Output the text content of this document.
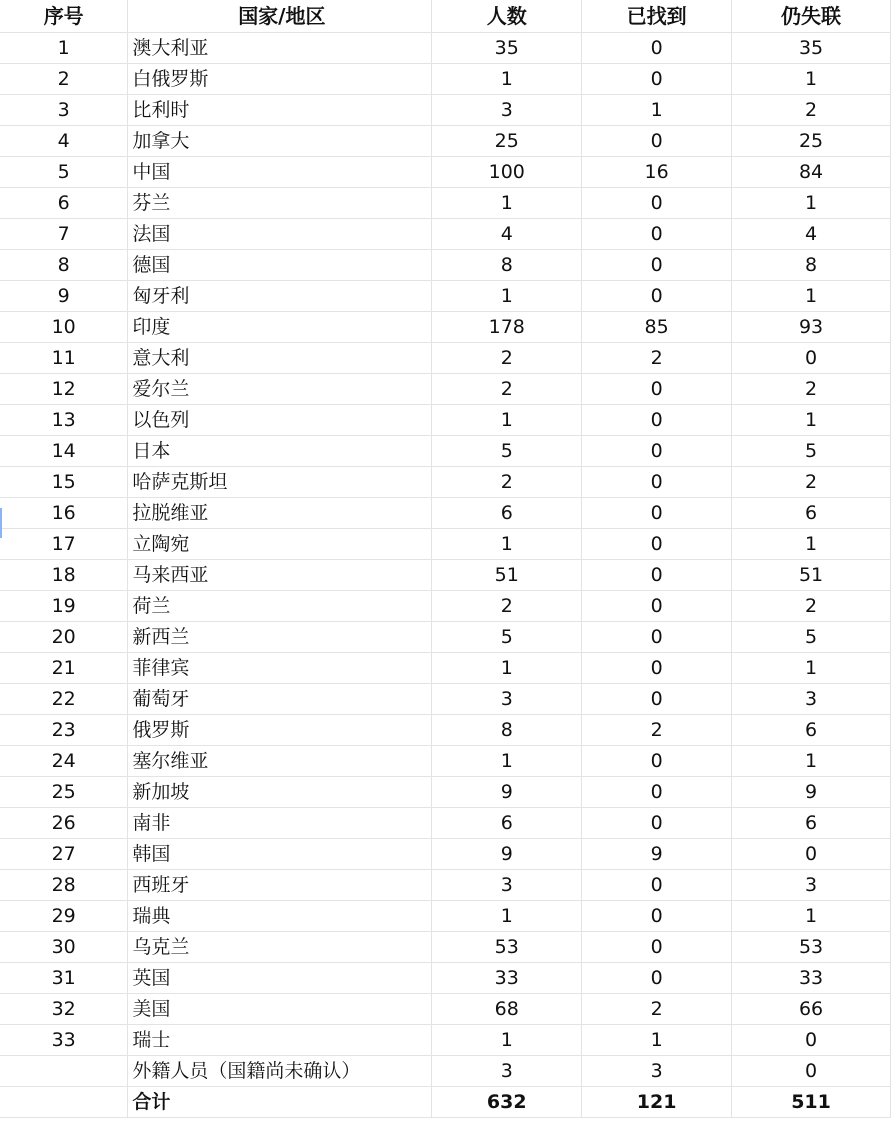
序号	国家/地区	人数	已找到	仍失联
1	澳大利亚	35	0	35
2	白俄罗斯	1	0	1
3	比利时	3	1	2
4	加拿大	25	0	25
5	中国	100	16	84
6	芬兰	1	0	1
7	法国	4	0	4
8	德国	8	0	8
9	匈牙利	1	0	1
10	印度	178	85	93
11	意大利	2	2	0
12	爱尔兰	2	0	2
13	以色列	1	0	1
14	日本	5	0	5
15	哈萨克斯坦	2	0	2
16	拉脱维亚	6	0	6
17	立陶宛	1	0	1
18	马来西亚	51	0	51
19	荷兰	2	0	2
20	新西兰	5	0	5
21	菲律宾	1	0	1
22	葡萄牙	3	0	3
23	俄罗斯	8	2	6
24	塞尔维亚	1	0	1
25	新加坡	9	0	9
26	南非	6	0	6
27	韩国	9	9	0
28	西班牙	3	0	3
29	瑞典	1	0	1
30	乌克兰	53	0	53
31	英国	33	0	33
32	美国	68	2	66
33	瑞士	1	1	0
	外籍人员（国籍尚未确认）	3	3	0
	合计	632	121	511
